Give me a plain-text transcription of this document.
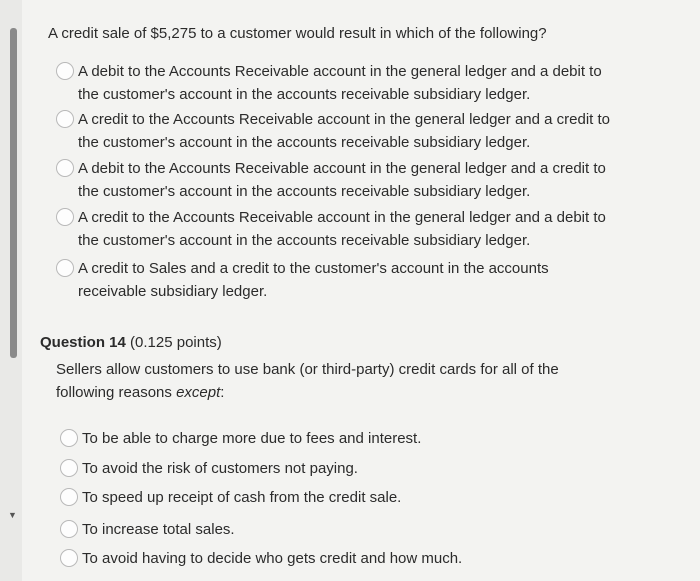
▼
A credit sale of $5,275 to a customer would result in which of the following?
A debit to the Accounts Receivable account in the general ledger and a debit to
the customer's account in the accounts receivable subsidiary ledger.
A credit to the Accounts Receivable account in the general ledger and a credit to
the customer's account in the accounts receivable subsidiary ledger.
A debit to the Accounts Receivable account in the general ledger and a credit to
the customer's account in the accounts receivable subsidiary ledger.
A credit to the Accounts Receivable account in the general ledger and a debit to
the customer's account in the accounts receivable subsidiary ledger.
A credit to Sales and a credit to the customer's account in the accounts
receivable subsidiary ledger.
Question 14 (0.125 points)
Sellers allow customers to use bank (or third-party) credit cards for all of the
following reasons except:
To be able to charge more due to fees and interest.
To avoid the risk of customers not paying.
To speed up receipt of cash from the credit sale.
To increase total sales.
To avoid having to decide who gets credit and how much.
